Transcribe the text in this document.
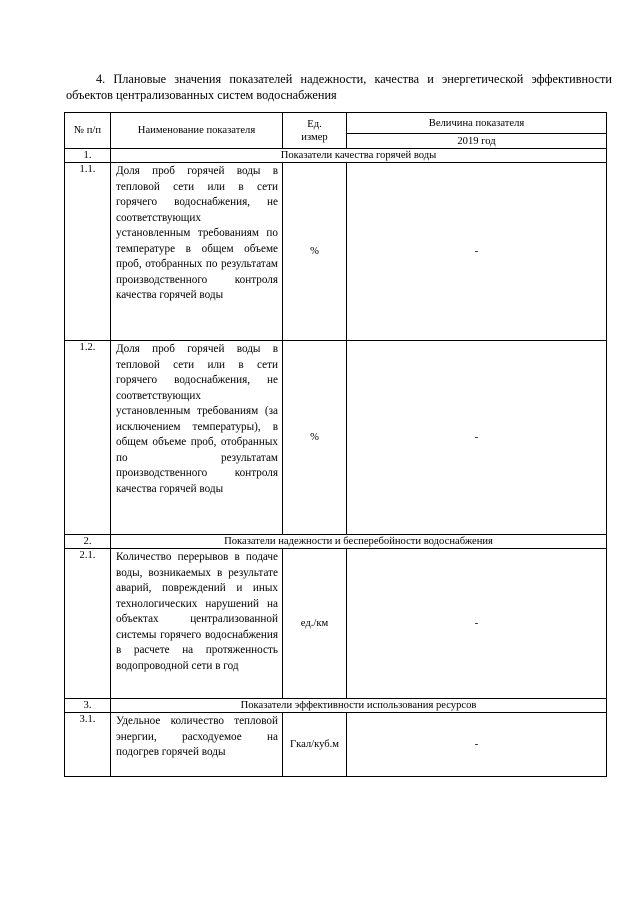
4. Плановые значения показателей надежности, качества и энергетической эффективности объектов централизованных систем водоснабжения
№ п/п	Наименование показателя	Ед. измер	Величина показателя
			2019 год
1.	Показатели качества горячей воды		
1.1.	Доля проб горячей воды в тепловой сети или в сети горячего водоснабжения, не соответствующих установленным требованиям по температуре в общем объеме проб, отобранных по результатам производственного контроля качества горячей воды	%	-
1.2.	Доля проб горячей воды в тепловой сети или в сети горячего водоснабжения, не соответствующих установленным требованиям (за исключением температуры), в общем объеме проб, отобранных по результатам производственного контроля качества горячей воды	%	-
2.	Показатели надежности и бесперебойности водоснабжения		
2.1.	Количество перерывов в подаче воды, возникаемых в результате аварий, повреждений и иных технологических нарушений на объектах централизованной системы горячего водоснабжения в расчете на протяженность водопроводной сети в год	ед./км	-
3.	Показатели эффективности использования ресурсов		
3.1.	Удельное количество тепловой энергии, расходуемое на подогрев горячей воды	Гкал/куб.м	-
